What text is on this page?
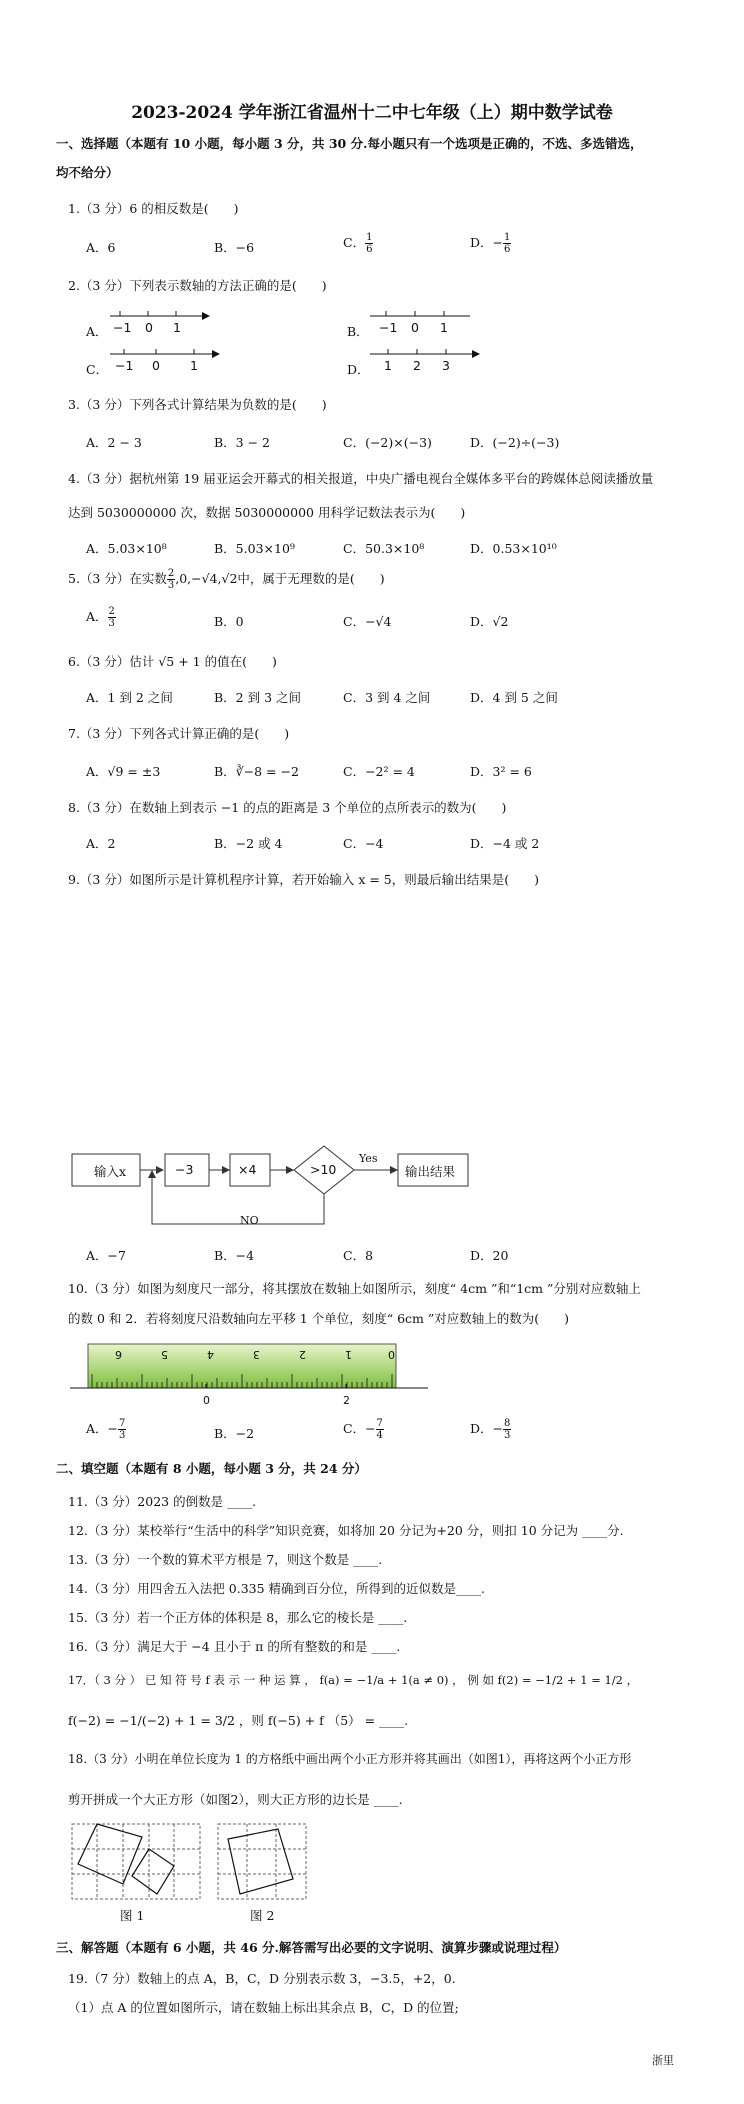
2023-2024 学年浙江省温州十二中七年级（上）期中数学试卷
一、选择题（本题有 10 小题，每小题 3 分，共 30 分.每小题只有一个选项是正确的，不选、多选错选，
均不给分）
1.（3 分）6 的相反数是(　　)
A．6	B．−6	C． $\frac{1}{6}$	D．− $\frac{1}{6}$
2.（3 分）下列表示数轴的方法正确的是(　　)
A．	B．
C．	D．
−1 0 1	−1 0 1
−1 0 1	1 2 3
3.（3 分）下列各式计算结果为负数的是(　　)
A．2 − 3	B．3 − 2	C．(−2)×(−3)	D．(−2)÷(−3)
4.（3 分）据杭州第 19 届亚运会开幕式的相关报道，中央广播电视台全媒体多平台的跨媒体总阅读播放量
达到 5030000000 次，数据 5030000000 用科学记数法表示为(　　)
A．5.03×10⁸	B．5.03×10⁹	C．50.3×10⁸	D．0.53×10¹⁰
5.（3 分）在实数 $\frac{2}{3} ,0,-√4,√2$中，属于无理数的是(　　)
A． $\frac{2}{3}$	B．0	C．−√4	D．√2
6.（3 分）估计 √5 + 1 的值在(　　)
A．1 到 2 之间	B．2 到 3 之间	C．3 到 4 之间	D．4 到 5 之间
7.（3 分）下列各式计算正确的是(　　)
A．√9 = ±3	B．∛−8 = −2	C．−2² = 4	D．3² = 6
8.（3 分）在数轴上到表示 −1 的点的距离是 3 个单位的点所表示的数为(　　)
A．2	B．−2 或 4	C．−4	D．−4 或 2
9.（3 分）如图所示是计算机程序计算，若开始输入 x = 5，则最后输出结果是(　　)
输入x	−3	×4	>10
Yes
NO
输出结果
A．−7	B．−4	C．8	D．20
10.（3 分）如图为刻度尺一部分，将其摆放在数轴上如图所示，刻度“ 4cm ”和“1cm ”分别对应数轴上
的数 0 和 2．若将刻度尺沿数轴向左平移 1 个单位，刻度“ 6cm ”对应数轴上的数为(　　)
6	5	4	3	2	1	0
0	2
A．− $\frac{7}{3}$	B．−2	C．− $\frac{7}{4}$	D．− $\frac{8}{3}$
二、填空题（本题有 8 小题，每小题 3 分，共 24 分）
11.（3 分）2023 的倒数是 ____.
12.（3 分）某校举行“生活中的科学”知识竞赛，如将加 20 分记为+20 分，则扣 10 分记为 ____分.
13.（3 分）一个数的算术平方根是 7，则这个数是 ____.
14.（3 分）用四舍五入法把 0.335 精确到百分位，所得到的近似数是____.
15.（3 分）若一个正方体的体积是 8，那么它的棱长是 ____.
16.（3 分）满足大于 −4 且小于 π 的所有整数的和是 ____.
17．（ 3 分 ） 已 知 符 号 f 表 示 一 种 运 算 ， f(a) = −1/a + 1(a ≠ 0) ， 例 如 f(2) = −1/2 + 1 = 1/2 ，
f(−2) = −1/(−2) + 1 = 3/2 ，则 f(−5) + f （5） = ____.
18.（3 分）小明在单位长度为 1 的方格纸中画出两个小正方形并将其画出（如图1），再将这两个小正方形
剪开拼成一个大正方形（如图2），则大正方形的边长是 ____.
图 1	图 2
三、解答题（本题有 6 小题，共 46 分.解答需写出必要的文字说明、演算步骤或说理过程）
19.（7 分）数轴上的点 A，B，C，D 分别表示数 3，−3.5，+2，0.
（1）点 A 的位置如图所示，请在数轴上标出其余点 B，C，D 的位置;
浙里
